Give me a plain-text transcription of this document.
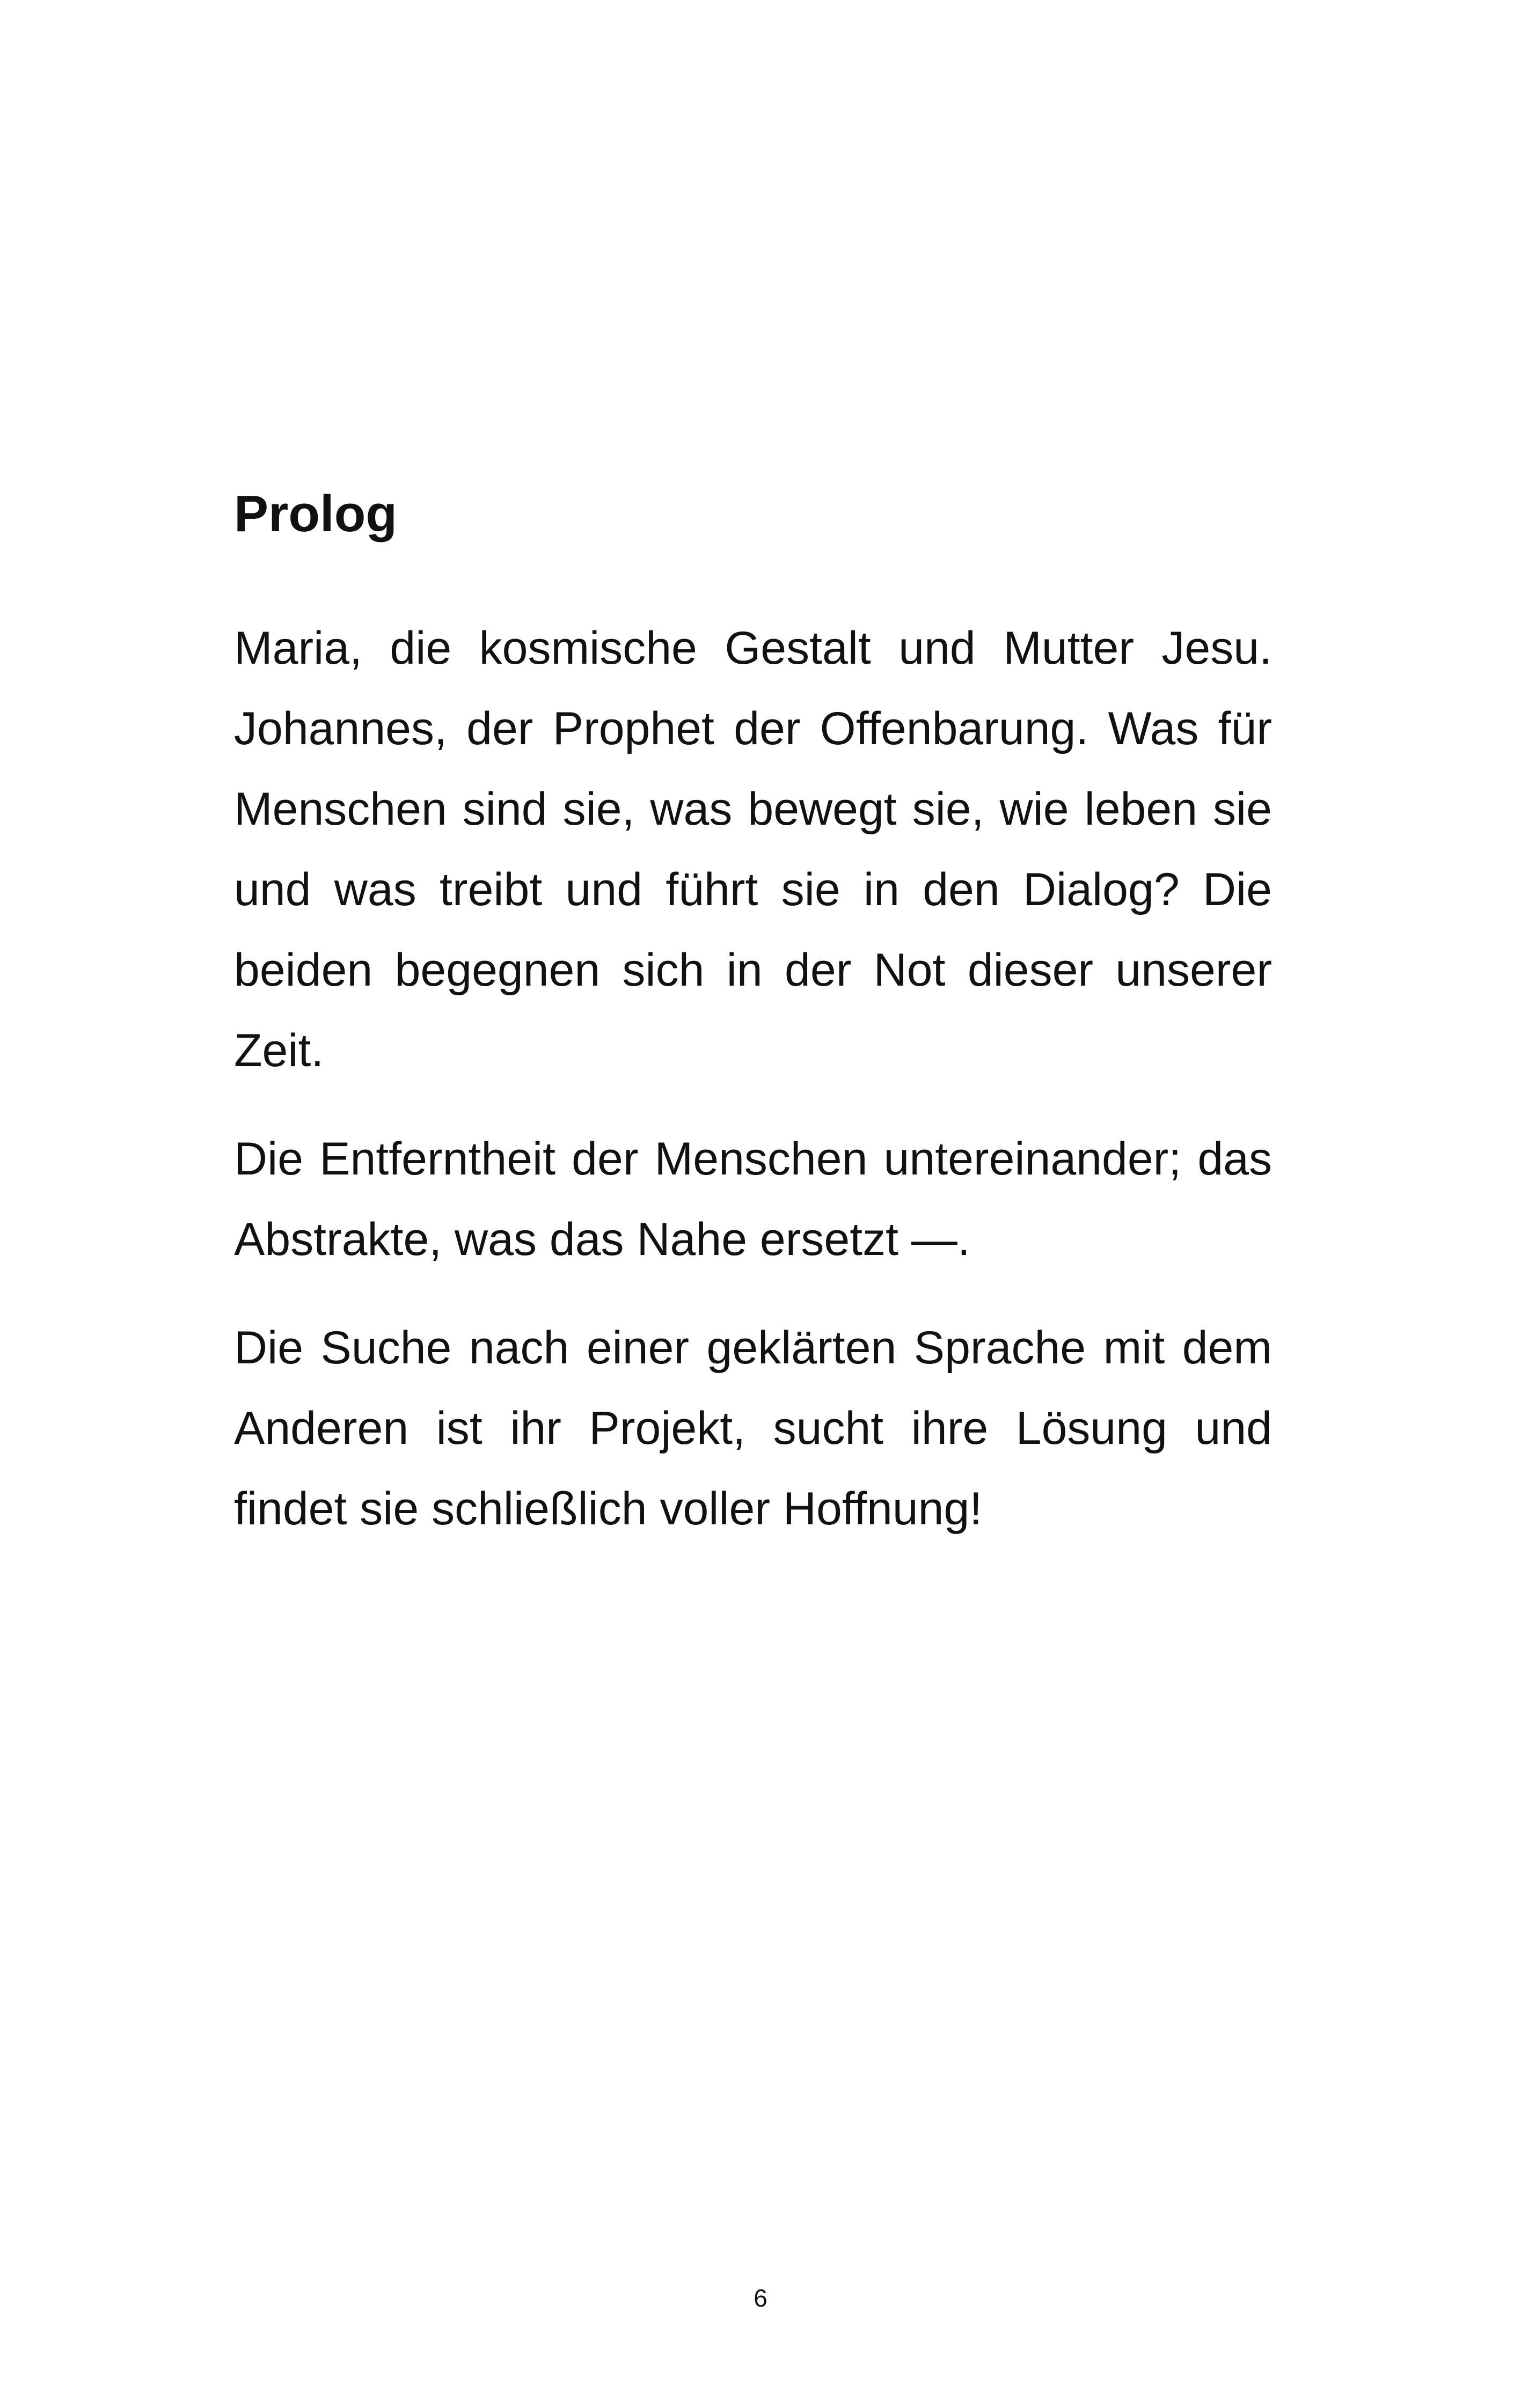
Prolog

Maria, die kosmische Gestalt und Mutter Jesu. Johannes, der Prophet der Offenbarung. Was für Menschen sind sie, was bewegt sie, wie leben sie und was treibt und führt sie in den Dialog? Die beiden begegnen sich in der Not dieser unserer Zeit.

Die Entferntheit der Menschen untereinander; das Abstrakte, was das Nahe ersetzt —.

Die Suche nach einer geklärten Sprache mit dem Anderen ist ihr Projekt, sucht ihre Lösung und findet sie schließlich voller Hoffnung!

6
